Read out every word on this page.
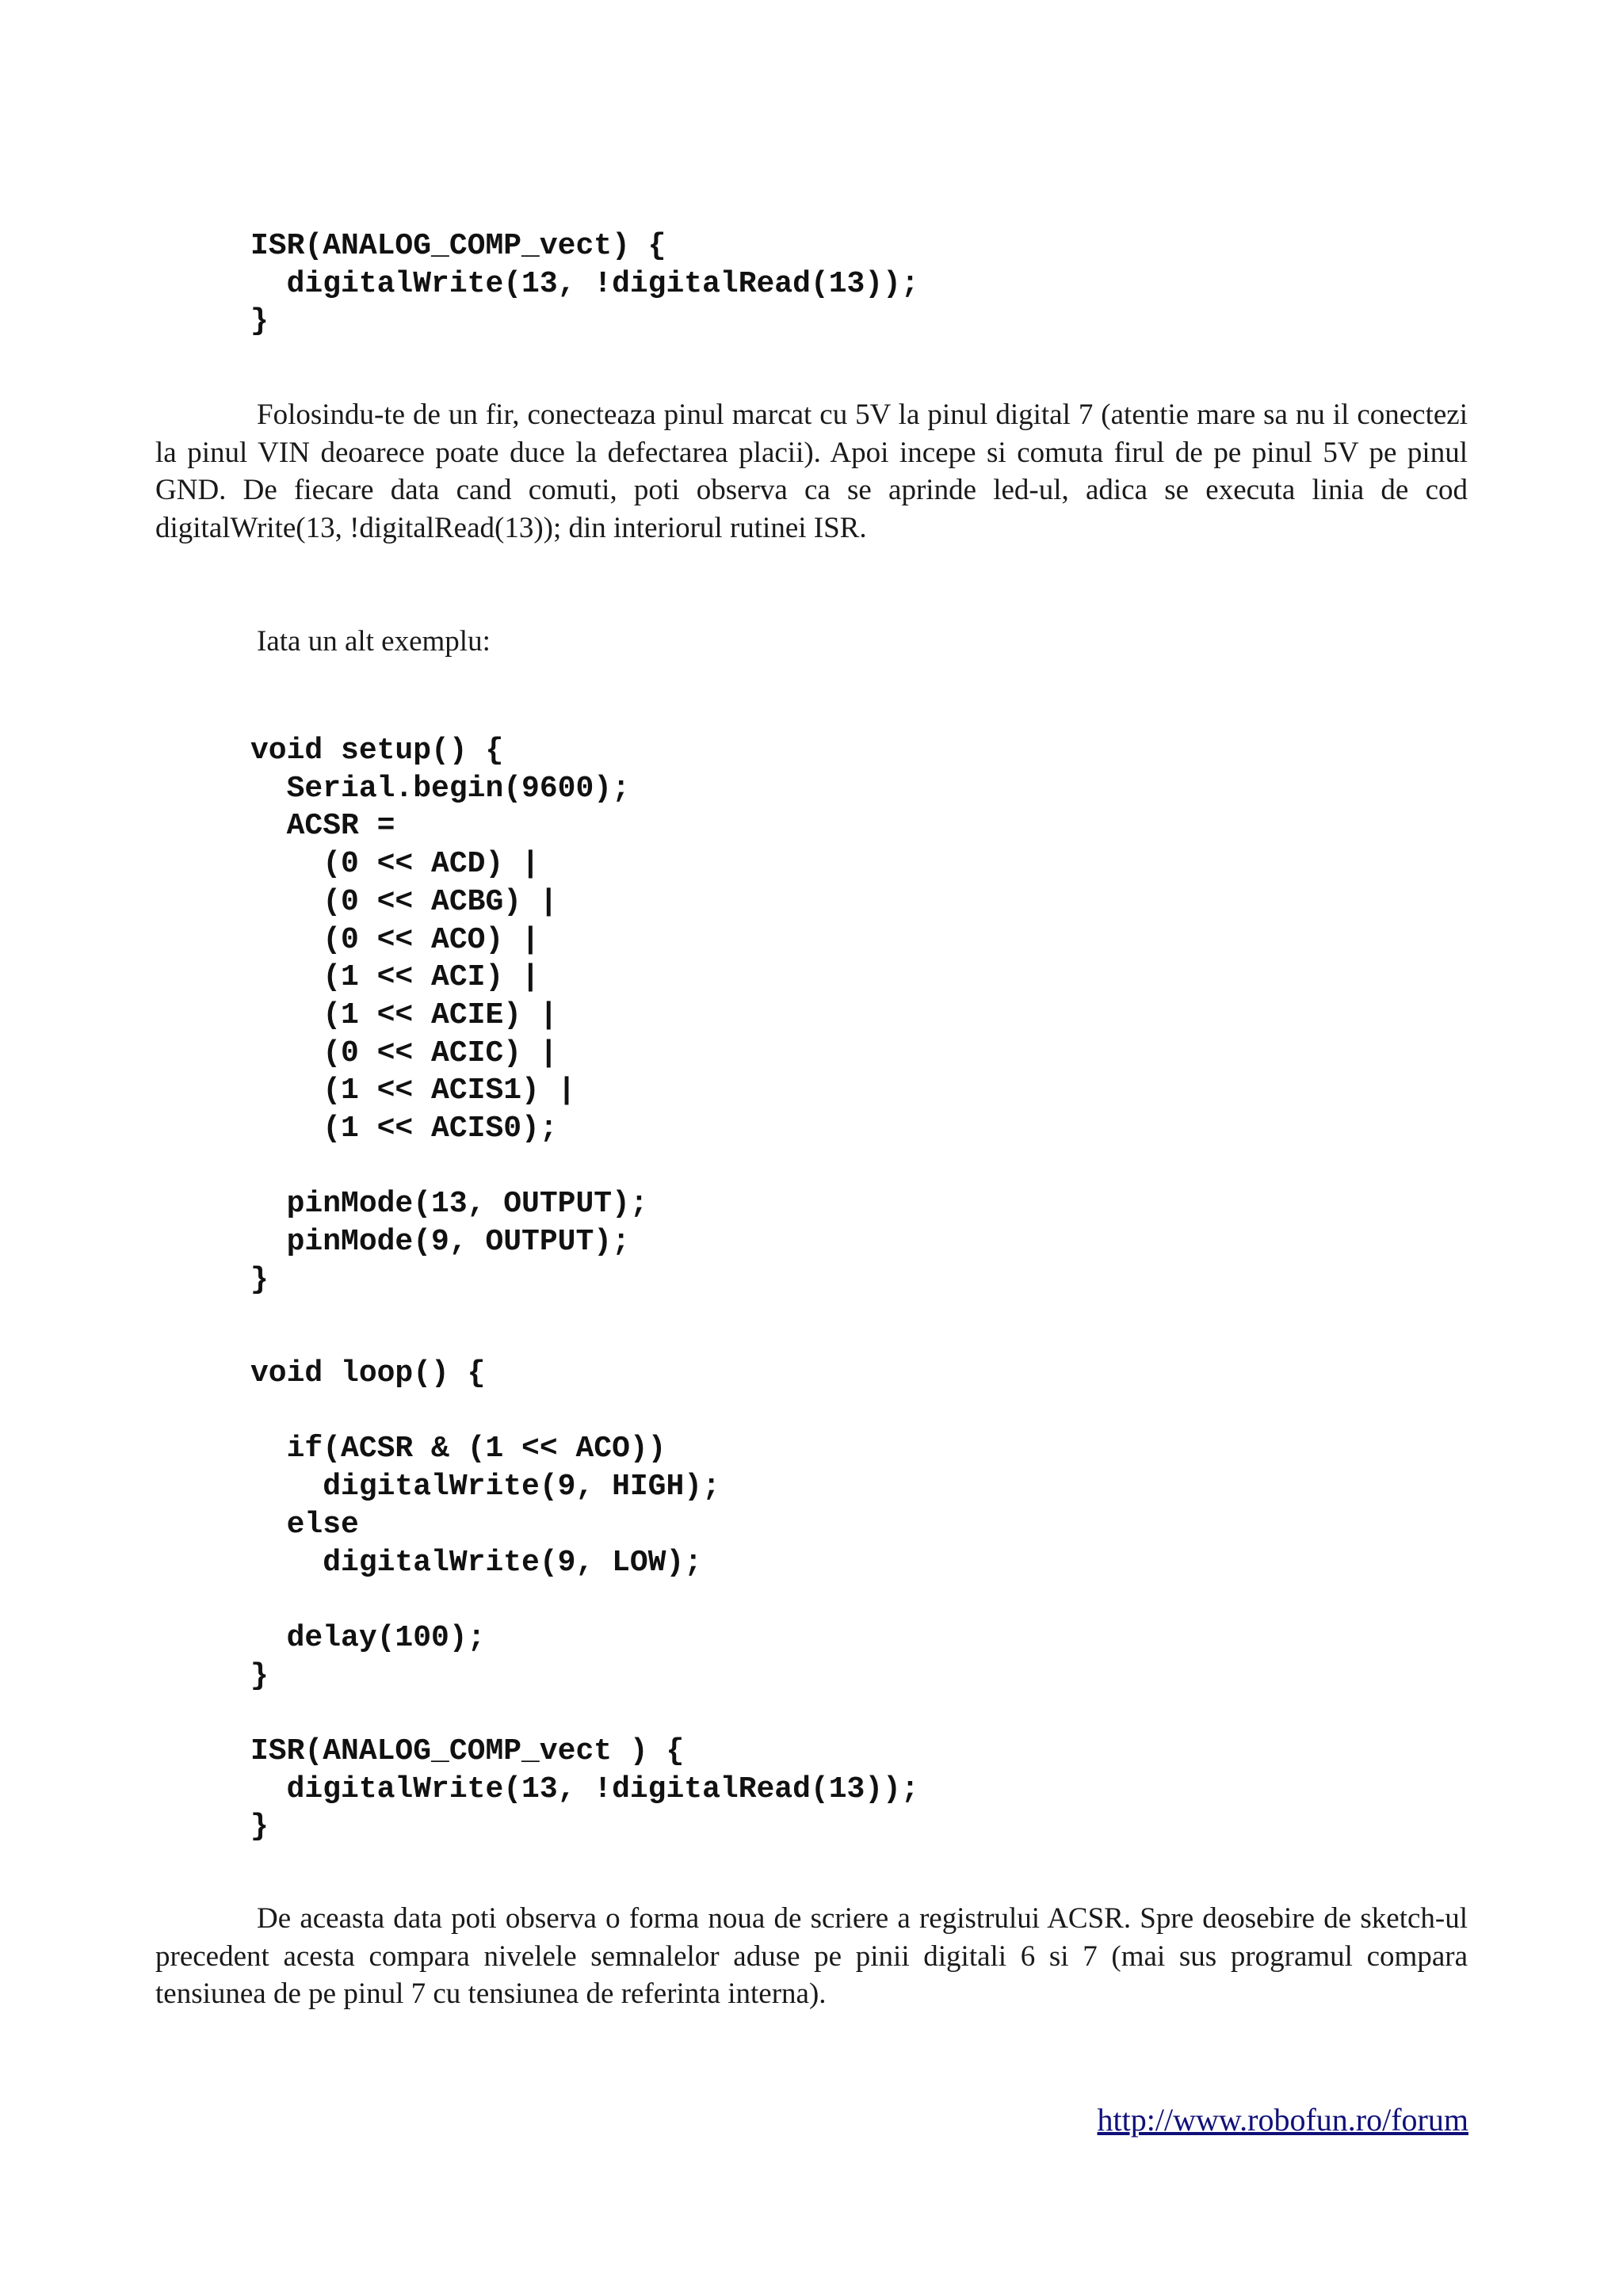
ISR(ANALOG_COMP_vect) {
digitalWrite(13, !digitalRead(13));
}

Folosindu-te de un fir, conecteaza pinul marcat cu 5V la pinul digital 7 (atentie mare sa nu il conectezi la pinul VIN deoarece poate duce la defectarea placii). Apoi incepe si comuta firul de pe pinul 5V pe pinul GND. De fiecare data cand comuti, poti observa ca se aprinde led-ul, adica se executa linia de cod digitalWrite(13, !digitalRead(13)); din interiorul rutinei ISR.

Iata un alt exemplu:

void setup() {
Serial.begin(9600);
ACSR =
(0 << ACD) |
(0 << ACBG) |
(0 << ACO) |
(1 << ACI) |
(1 << ACIE) |
(0 << ACIC) |
(1 << ACIS1) |
(1 << ACIS0);

pinMode(13, OUTPUT);
pinMode(9, OUTPUT);
}
void loop() {

if(ACSR & (1 << ACO))
digitalWrite(9, HIGH);
else
digitalWrite(9, LOW);

delay(100);
}

ISR(ANALOG_COMP_vect ) {
digitalWrite(13, !digitalRead(13));
}

De aceasta data poti observa o forma noua de scriere a registrului ACSR. Spre deosebire de sketch-ul precedent acesta compara nivelele semnalelor aduse pe pinii digitali 6 si 7 (mai sus programul compara tensiunea de pe pinul 7 cu tensiunea de referinta interna).

http://www.robofun.ro/forum
